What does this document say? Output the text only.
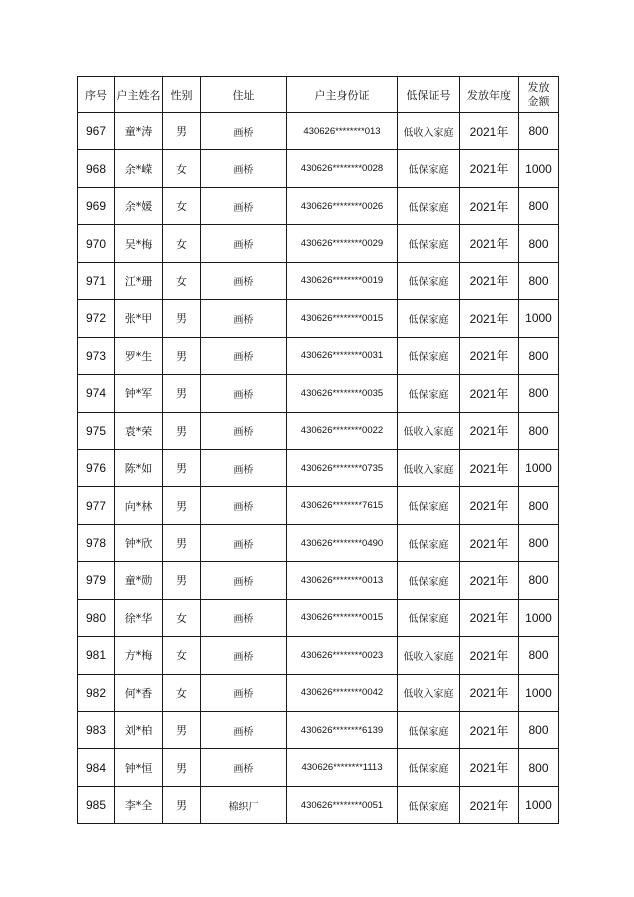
序号	户主姓名	性别	住址	户主身份证	低保证号	发放年度	发放
金额
967	童*涛	男	画桥	430626********013	低收入家庭	2021年	800
968	余*嵘	女	画桥	430626********0028	低保家庭	2021年	1000
969	余*媛	女	画桥	430626********0026	低保家庭	2021年	800
970	吴*梅	女	画桥	430626********0029	低保家庭	2021年	800
971	江*珊	女	画桥	430626********0019	低保家庭	2021年	800
972	张*甲	男	画桥	430626********0015	低保家庭	2021年	1000
973	罗*生	男	画桥	430626********0031	低保家庭	2021年	800
974	钟*军	男	画桥	430626********0035	低保家庭	2021年	800
975	袁*荣	男	画桥	430626********0022	低收入家庭	2021年	800
976	陈*如	男	画桥	430626********0735	低收入家庭	2021年	1000
977	向*林	男	画桥	430626********7615	低保家庭	2021年	800
978	钟*欣	男	画桥	430626********0490	低保家庭	2021年	800
979	童*勋	男	画桥	430626********0013	低保家庭	2021年	800
980	徐*华	女	画桥	430626********0015	低保家庭	2021年	1000
981	方*梅	女	画桥	430626********0023	低收入家庭	2021年	800
982	何*香	女	画桥	430626********0042	低收入家庭	2021年	1000
983	刘*柏	男	画桥	430626********6139	低保家庭	2021年	800
984	钟*恒	男	画桥	430626********1113	低保家庭	2021年	800
985	李*全	男	棉织厂	430626********0051	低保家庭	2021年	1000
